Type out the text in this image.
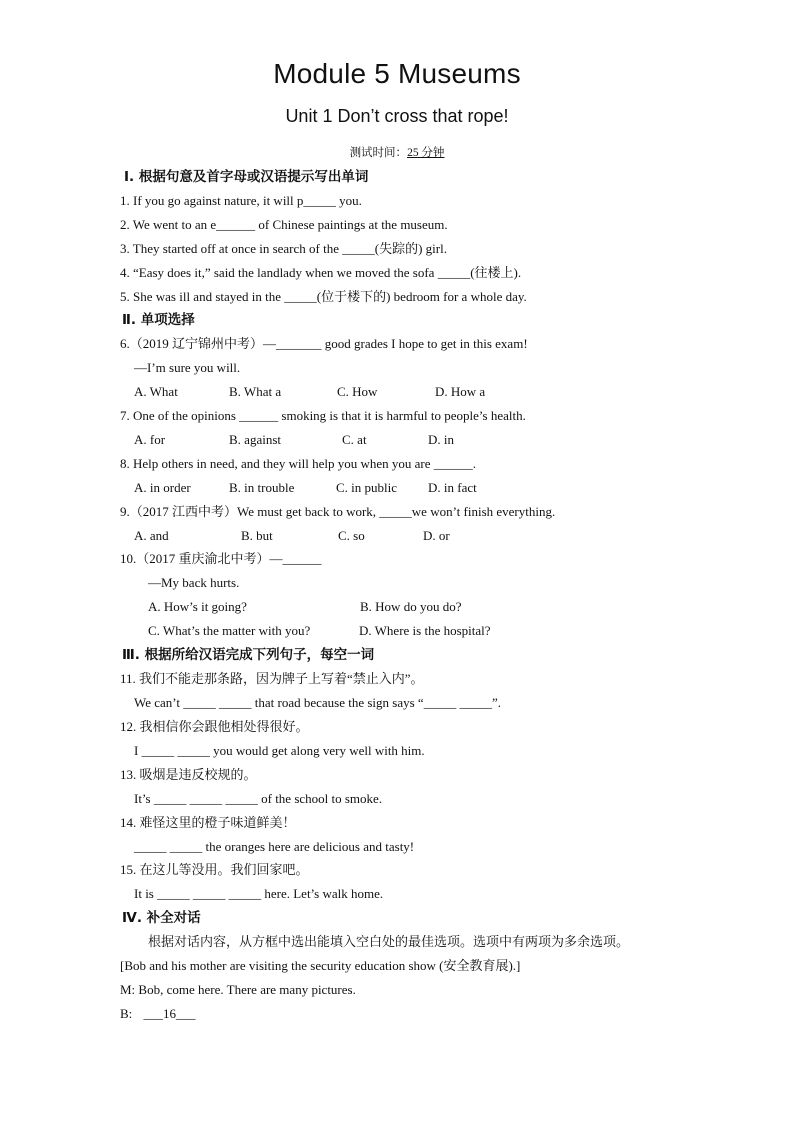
Module 5 Museums
Unit 1 Don’t cross that rope!
测试时间：25 分钟
Ⅰ. 根据句意及首字母或汉语提示写出单词
1. If you go against nature, it will p_____ you.
2. We went to an e______ of Chinese paintings at the museum.
3. They started off at once in search of the _____(失踪的) girl.
4. “Easy does it,” said the landlady when we moved the sofa _____(往楼上).
5. She was ill and stayed in the _____(位于楼下的) bedroom for a whole day.
Ⅱ. 单项选择
6.（2019 辽宁锦州中考）—_______ good grades I hope to get in this exam!
—I’m sure you will.
A. What	B. What a	C. How	D. How a
7. One of the opinions ______ smoking is that it is harmful to people’s health.
A. for	B. against	C. at	D. in
8. Help others in need, and they will help you when you are ______.
A. in order	B. in trouble	C. in public D. in fact
9.（2017 江西中考）We must get back to work, _____we won’t finish everything.
A. and	B. but	C. so	D. or
10.（2017 重庆渝北中考）—______
—My back hurts.
A. How’s it going?	B. How do you do?
C. What’s the matter with you?	D. Where is the hospital?
Ⅲ. 根据所给汉语完成下列句子，每空一词
11. 我们不能走那条路，因为牌子上写着“禁止入内”。
We can’t _____ _____ that road because the sign says “_____ _____”.
12. 我相信你会跟他相处得很好。
I _____ _____ you would get along very well with him.
13. 吸烟是违反校规的。
It’s _____ _____ _____ of the school to smoke.
14. 难怪这里的橙子味道鲜美！
_____ _____ the oranges here are delicious and tasty!
15. 在这儿等没用。我们回家吧。
It is _____ _____ _____ here. Let’s walk home.
Ⅳ. 补全对话
根据对话内容，从方框中选出能填入空白处的最佳选项。选项中有两项为多余选项。
[Bob and his mother are visiting the security education show (安全教育展).]
M: Bob, come here. There are many pictures.
B: ___16___
